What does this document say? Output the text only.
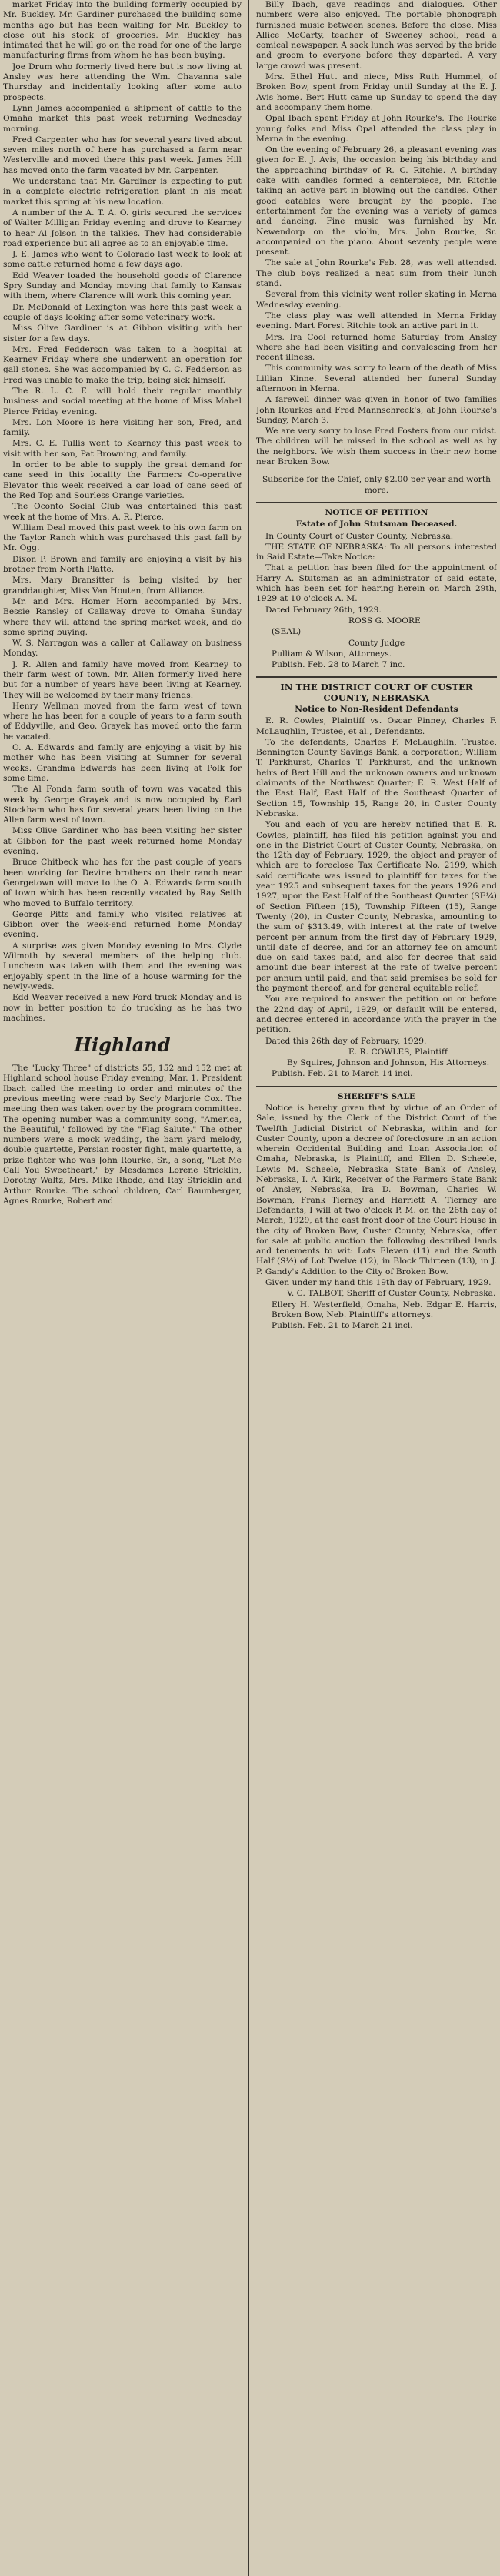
market Friday into the building formerly occupied by Mr. Buckley. Mr. Gardiner purchased the building some months ago but has been waiting for Mr. Buckley to close out his stock of groceries. Mr. Buckley has intimated that he will go on the road for one of the large manufacturing firms from whom he has been buying.

Joe Drum who formerly lived here but is now living at Ansley was here attending the Wm. Chavanna sale Thursday and incidentally looking after some auto prospects.

Lynn James accompanied a shipment of cattle to the Omaha market this past week returning Wednesday morning.

Fred Carpenter who has for several years lived about seven miles north of here has purchased a farm near Westerville and moved there this past week. James Hill has moved onto the farm vacated by Mr. Carpenter.

We understand that Mr. Gardiner is expecting to put in a complete electric refrigeration plant in his meat market this spring at his new location.

A number of the A. T. A. O. girls secured the services of Walter Milligan Friday evening and drove to Kearney to hear Al Jolson in the talkies. They had considerable road experience but all agree as to an enjoyable time.

J. E. James who went to Colorado last week to look at some cattle returned home a few days ago.

Edd Weaver loaded the household goods of Clarence Spry Sunday and Monday moving that family to Kansas with them, where Clarence will work this coming year.

Dr. McDonald of Lexington was here this past week a couple of days looking after some veterinary work.

Miss Olive Gardiner is at Gibbon visiting with her sister for a few days.

Mrs. Fred Fedderson was taken to a hospital at Kearney Friday where she underwent an operation for gall stones. She was accompanied by C. C. Fedderson as Fred was unable to make the trip, being sick himself.

The R. L. C. E. will hold their regular monthly business and social meeting at the home of Miss Mabel Pierce Friday evening.

Mrs. Lon Moore is here visiting her son, Fred, and family.

Mrs. C. E. Tullis went to Kearney this past week to visit with her son, Pat Browning, and family.

In order to be able to supply the great demand for cane seed in this locality the Farmers Co-operative Elevator this week received a car load of cane seed of the Red Top and Sourless Orange varieties.

The Oconto Social Club was entertained this past week at the home of Mrs. A. R. Pierce.

William Deal moved this past week to his own farm on the Taylor Ranch which was purchased this past fall by Mr. Ogg.

Dixon P. Brown and family are enjoying a visit by his brother from North Platte.

Mrs. Mary Bransitter is being visited by her granddaughter, Miss Van Houten, from Alliance.

Mr. and Mrs. Homer Horn accompanied by Mrs. Bessie Ransley of Callaway drove to Omaha Sunday where they will attend the spring market week, and do some spring buying.

W. S. Narragon was a caller at Callaway on business Monday.

J. R. Allen and family have moved from Kearney to their farm west of town. Mr. Allen formerly lived here but for a number of years have been living at Kearney. They will be welcomed by their many friends.

Henry Wellman moved from the farm west of town where he has been for a couple of years to a farm south of Eddyville, and Geo. Grayek has moved onto the farm he vacated.

O. A. Edwards and family are enjoying a visit by his mother who has been visiting at Sumner for several weeks. Grandma Edwards has been living at Polk for some time.

The Al Fonda farm south of town was vacated this week by George Grayek and is now occupied by Earl Stockham who has for several years been living on the Allen farm west of town.

Miss Olive Gardiner who has been visiting her sister at Gibbon for the past week returned home Monday evening.

Bruce Chitbeck who has for the past couple of years been working for Devine brothers on their ranch near Georgetown will move to the O. A. Edwards farm south of town which has been recently vacated by Ray Seith who moved to Buffalo territory.

George Pitts and family who visited relatives at Gibbon over the week-end returned home Monday evening.

A surprise was given Monday evening to Mrs. Clyde Wilmoth by several members of the helping club. Luncheon was taken with them and the evening was enjoyably spent in the line of a house warming for the newly-weds.

Edd Weaver received a new Ford truck Monday and is now in better position to do trucking as he has two machines.

Highland

The "Lucky Three" of districts 55, 152 and 152 met at Highland school house Friday evening, Mar. 1. President Ibach called the meeting to order and minutes of the previous meeting were read by Sec'y Marjorie Cox. The meeting then was taken over by the program committee. The opening number was a community song, "America, the Beautiful," followed by the "Flag Salute." The other numbers were a mock wedding, the barn yard melody, double quartette, Persian rooster fight, male quartette, a prize fighter who was John Rourke, Sr., a song, "Let Me Call You Sweetheart," by Mesdames Lorene Stricklin, Dorothy Waltz, Mrs. Mike Rhode, and Ray Stricklin and Arthur Rourke. The school children, Carl Baumberger, Agnes Rourke, Robert and

Billy Ibach, gave readings and dialogues. Other numbers were also enjoyed. The portable phonograph furnished music between scenes. Before the close, Miss Allice McCarty, teacher of Sweeney school, read a comical newspaper. A sack lunch was served by the bride and groom to everyone before they departed. A very large crowd was present.

Mrs. Ethel Hutt and niece, Miss Ruth Hummel, of Broken Bow, spent from Friday until Sunday at the E. J. Avis home. Bert Hutt came up Sunday to spend the day and accompany them home.

Opal Ibach spent Friday at John Rourke's. The Rourke young folks and Miss Opal attended the class play in Merna in the evening.

On the evening of February 26, a pleasant evening was given for E. J. Avis, the occasion being his birthday and the approaching birthday of R. C. Ritchie. A birthday cake with candles formed a centerpiece, Mr. Ritchie taking an active part in blowing out the candles. Other good eatables were brought by the people. The entertainment for the evening was a variety of games and dancing. Fine music was furnished by Mr. Newendorp on the violin, Mrs. John Rourke, Sr. accompanied on the piano. About seventy people were present.

The sale at John Rourke's Feb. 28, was well attended. The club boys realized a neat sum from their lunch stand.

Several from this vicinity went roller skating in Merna Wednesday evening.

The class play was well attended in Merna Friday evening. Mart Forest Ritchie took an active part in it.

Mrs. Ira Cool returned home Saturday from Ansley where she had been visiting and convalescing from her recent illness.

This community was sorry to learn of the death of Miss Lillian Kinne. Several attended her funeral Sunday afternoon in Merna.

A farewell dinner was given in honor of two families John Rourkes and Fred Mannschreck's, at John Rourke's Sunday, March 3.

We are very sorry to lose Fred Fosters from our midst. The children will be missed in the school as well as by the neighbors. We wish them success in their new home near Broken Bow.

Subscribe for the Chief, only $2.00 per year and worth more.

NOTICE OF PETITION

Estate of John Stutsman Deceased.

In County Court of Custer County, Nebraska.

THE STATE OF NEBRASKA: To all persons interested in Said Estate—Take Notice:

That a petition has been filed for the appointment of Harry A. Stutsman as an administrator of said estate, which has been set for hearing herein on March 29th, 1929 at 10 o'clock A. M.

Dated February 26th, 1929.

ROSS G. MOORE

(SEAL)

County Judge

Pulliam & Wilson, Attorneys.

Publish. Feb. 28 to March 7 inc.

IN THE DISTRICT COURT OF CUSTER COUNTY, NEBRASKA

Notice to Non-Resident Defendants

E. R. Cowles, Plaintiff vs. Oscar Pinney, Charles F. McLaughlin, Trustee, et al., Defendants.

To the defendants, Charles F. McLaughlin, Trustee, Bennington County Savings Bank, a corporation; William T. Parkhurst, Charles T. Parkhurst, and the unknown heirs of Bert Hill and the unknown owners and unknown claimants of the Northwest Quarter; E. R. West Half of the East Half, East Half of the Southeast Quarter of Section 15, Township 15, Range 20, in Custer County Nebraska.

You and each of you are hereby notified that E. R. Cowles, plaintiff, has filed his petition against you and one in the District Court of Custer County, Nebraska, on the 12th day of February, 1929, the object and prayer of which are to foreclose Tax Certificate No. 2199, which said certificate was issued to plaintiff for taxes for the year 1925 and subsequent taxes for the years 1926 and 1927, upon the East Half of the Southeast Quarter (SE¼) of Section Fifteen (15), Township Fifteen (15), Range Twenty (20), in Custer County, Nebraska, amounting to the sum of $313.49, with interest at the rate of twelve percent per annum from the first day of February 1929, until date of decree, and for an attorney fee on amount due on said taxes paid, and also for decree that said amount due bear interest at the rate of twelve percent per annum until paid, and that said premises be sold for the payment thereof, and for general equitable relief.

You are required to answer the petition on or before the 22nd day of April, 1929, or default will be entered, and decree entered in accordance with the prayer in the petition.

Dated this 26th day of February, 1929.

E. R. COWLES, Plaintiff

By Squires, Johnson and Johnson, His Attorneys.

Publish. Feb. 21 to March 14 incl.

SHERIFF'S SALE

Notice is hereby given that by virtue of an Order of Sale, issued by the Clerk of the District Court of the Twelfth Judicial District of Nebraska, within and for Custer County, upon a decree of foreclosure in an action wherein Occidental Building and Loan Association of Omaha, Nebraska, is Plaintiff, and Ellen D. Scheele, Lewis M. Scheele, Nebraska State Bank of Ansley, Nebraska, I. A. Kirk, Receiver of the Farmers State Bank of Ansley, Nebraska, Ira D. Bowman, Charles W. Bowman, Frank Tierney and Harriett A. Tierney are Defendants, I will at two o'clock P. M. on the 26th day of March, 1929, at the east front door of the Court House in the city of Broken Bow, Custer County, Nebraska, offer for sale at public auction the following described lands and tenements to wit: Lots Eleven (11) and the South Half (S½) of Lot Twelve (12), in Block Thirteen (13), in J. P. Gandy's Addition to the City of Broken Bow.

Given under my hand this 19th day of February, 1929.

V. C. TALBOT, Sheriff of Custer County, Nebraska.

Ellery H. Westerfield, Omaha, Neb. Edgar E. Harris, Broken Bow, Neb. Plaintiff's attorneys.

Publish. Feb. 21 to March 21 incl.
